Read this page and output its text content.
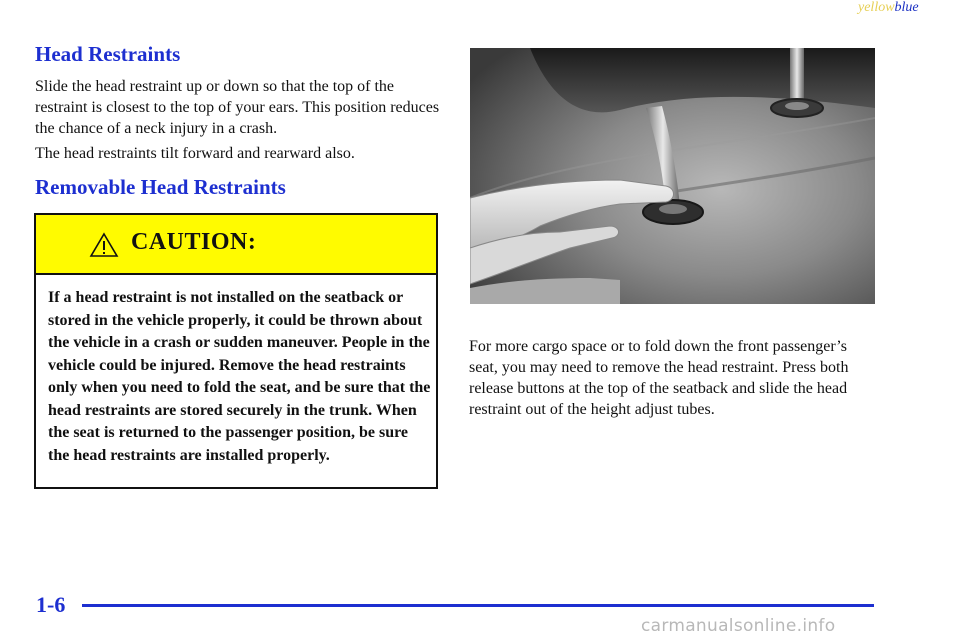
yellowblue
Head Restraints
Slide the head restraint up or down so that the top of the restraint is closest to the top of your ears. This position reduces the chance of a neck injury in a crash.
The head restraints tilt forward and rearward also.
Removable Head Restraints
CAUTION:
If a head restraint is not installed on the seatback or stored in the vehicle properly, it could be thrown about the vehicle in a crash or sudden maneuver. People in the vehicle could be injured. Remove the head restraints only when you need to fold the seat, and be sure that the head restraints are stored securely in the trunk. When the seat is returned to the passenger position, be sure the head restraints are installed properly.
For more cargo space or to fold down the front passenger’s seat, you may need to remove the head restraint. Press both release buttons at the top of the seatback and slide the head restraint out of the height adjust tubes.
1-6
carmanualsonline.info
